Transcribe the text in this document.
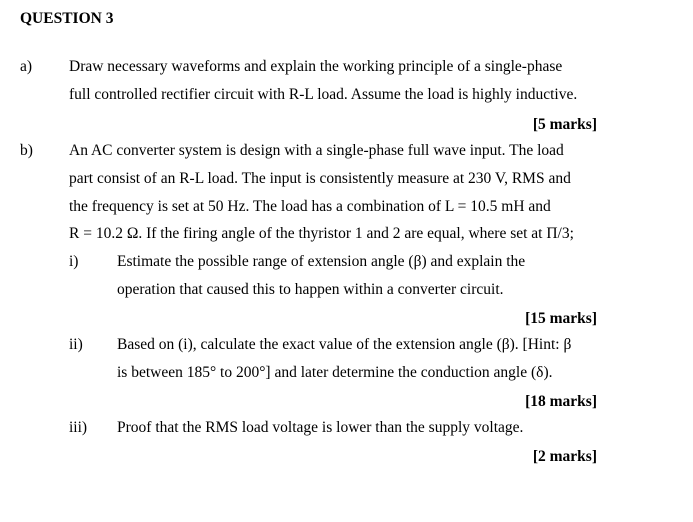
QUESTION 3
a) Draw necessary waveforms and explain the working principle of a single-phase
full controlled rectifier circuit with R-L load. Assume the load is highly inductive.
[5 marks]
b) An AC converter system is design with a single-phase full wave input. The load
part consist of an R-L load. The input is consistently measure at 230 V, RMS and
the frequency is set at 50 Hz. The load has a combination of L = 10.5 mH and
R = 10.2 Ω. If the firing angle of the thyristor 1 and 2 are equal, where set at Π/3;
i) Estimate the possible range of extension angle (β) and explain the
operation that caused this to happen within a converter circuit.
[15 marks]
ii) Based on (i), calculate the exact value of the extension angle (β). [Hint: β
is between 185° to 200°] and later determine the conduction angle (δ).
[18 marks]
iii) Proof that the RMS load voltage is lower than the supply voltage.
[2 marks]
